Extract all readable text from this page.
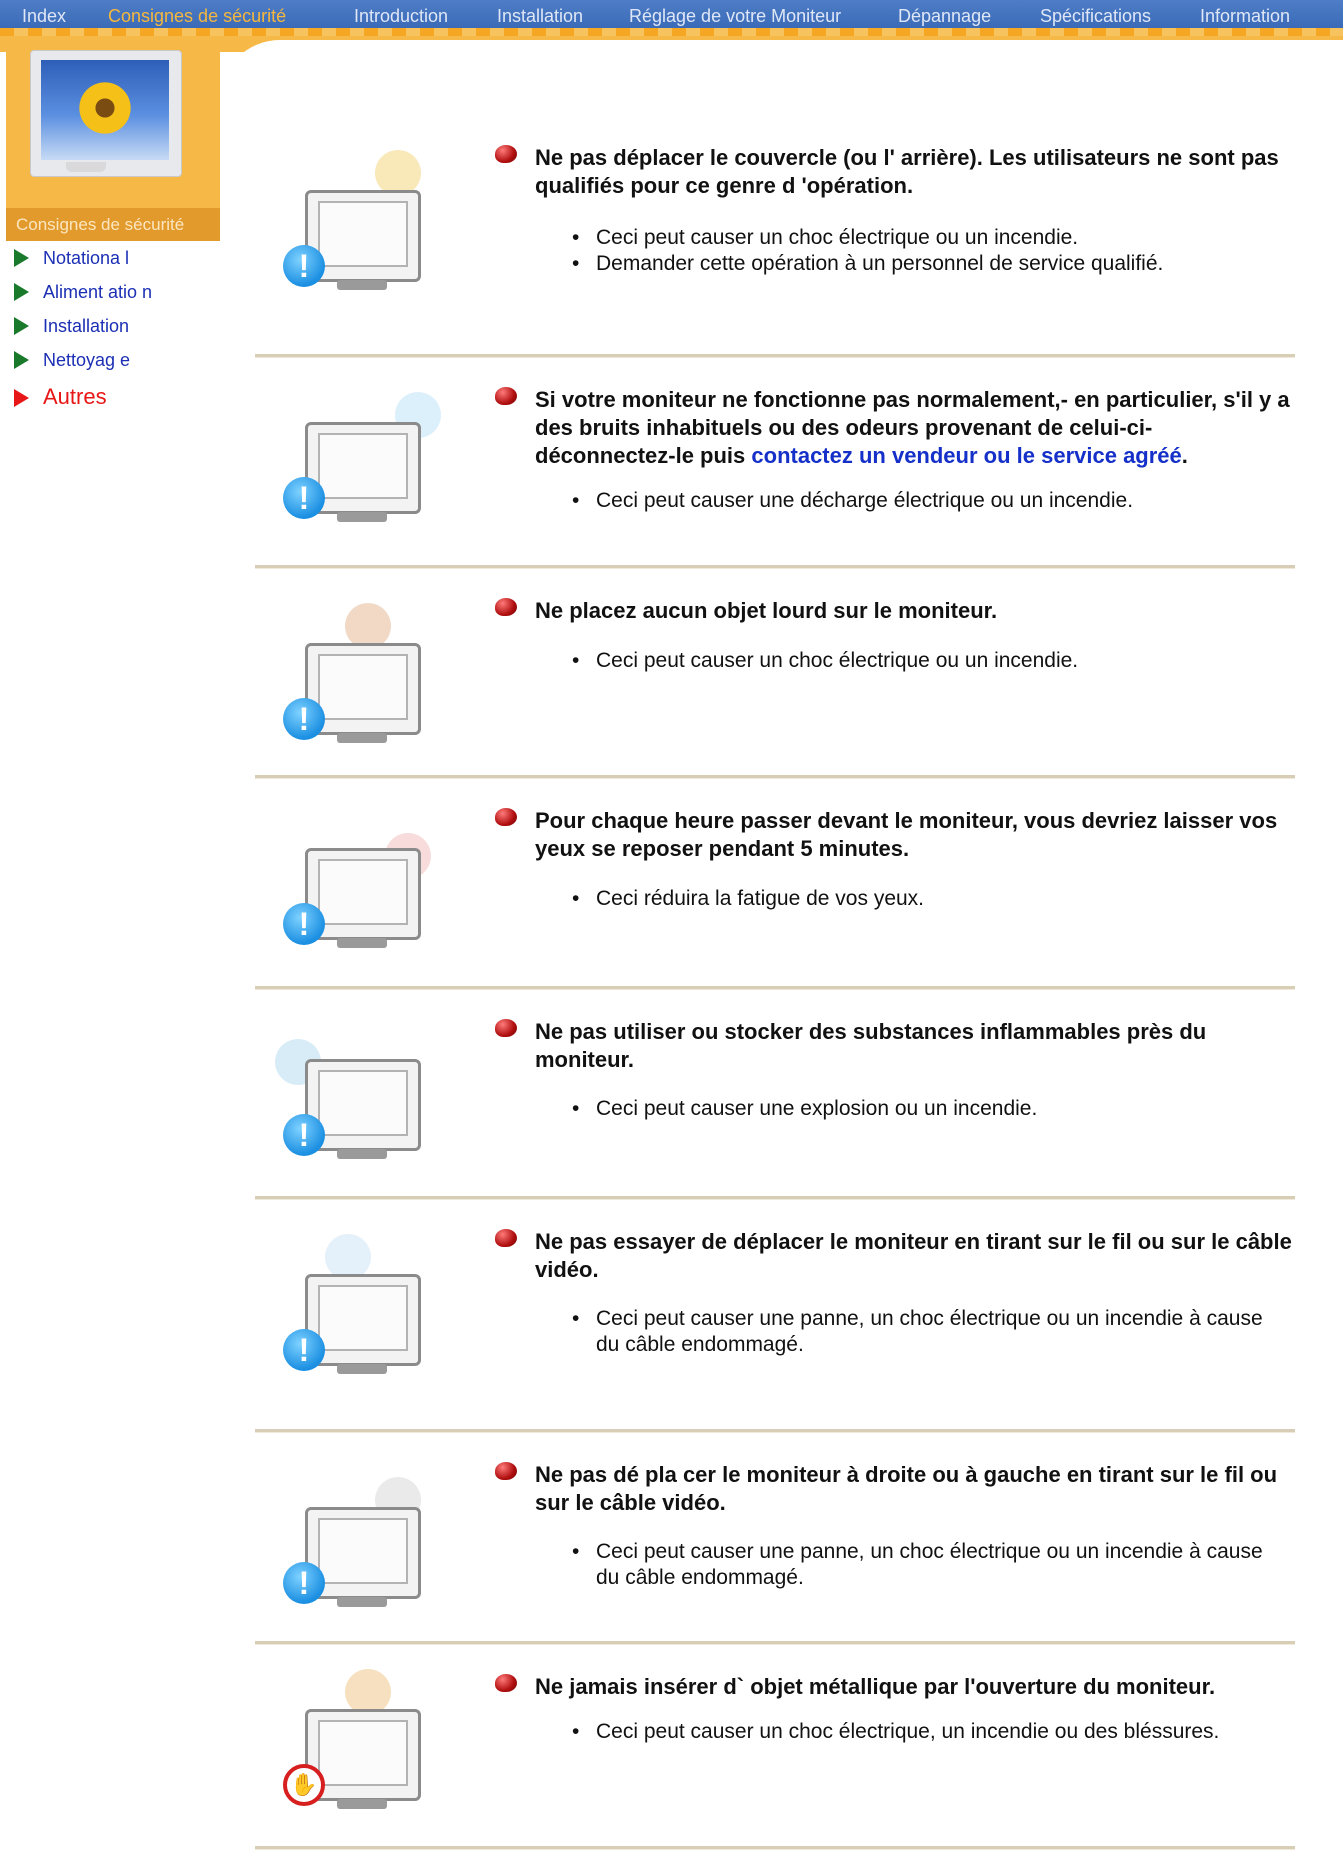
Index Consignes de sécurité	Introduction	Installation	Réglage de votre Moniteur	Dépannage	Spécifications	Information
Consignes de sécurité
Notationa l
Aliment atio n
Installation
Nettoyag e
Autres
!
Ne pas déplacer le couvercle (ou l' arrière). Les utilisateurs ne sont pas qualifiés pour ce genre d 'opération.
• Ceci peut causer un choc électrique ou un incendie.
• Demander cette opération à un personnel de service qualifié.
!
Si votre moniteur ne fonctionne pas normalement,- en particulier, s'il y a des bruits inhabituels ou des odeurs provenant de celui-ci- déconnectez-le puis contactez un vendeur ou le service agréé.
• Ceci peut causer une décharge électrique ou un incendie.
!
Ne placez aucun objet lourd sur le moniteur.
• Ceci peut causer un choc électrique ou un incendie.
!
Pour chaque heure passer devant le moniteur, vous devriez laisser vos yeux se reposer pendant 5 minutes.
• Ceci réduira la fatigue de vos yeux.
!
Ne pas utiliser ou stocker des substances inflammables près du moniteur.
• Ceci peut causer une explosion ou un incendie.
!
Ne pas essayer de déplacer le moniteur en tirant sur le fil ou sur le câble vidéo.
• Ceci peut causer une panne, un choc électrique ou un incendie à cause du câble endommagé.
!
Ne pas dé pla cer le moniteur à droite ou à gauche en tirant sur le fil ou sur le câble vidéo.
• Ceci peut causer une panne, un choc électrique ou un incendie à cause du câble endommagé.
✋
Ne jamais insérer d` objet métallique par l'ouverture du moniteur.
• Ceci peut causer un choc électrique, un incendie ou des bléssures.
